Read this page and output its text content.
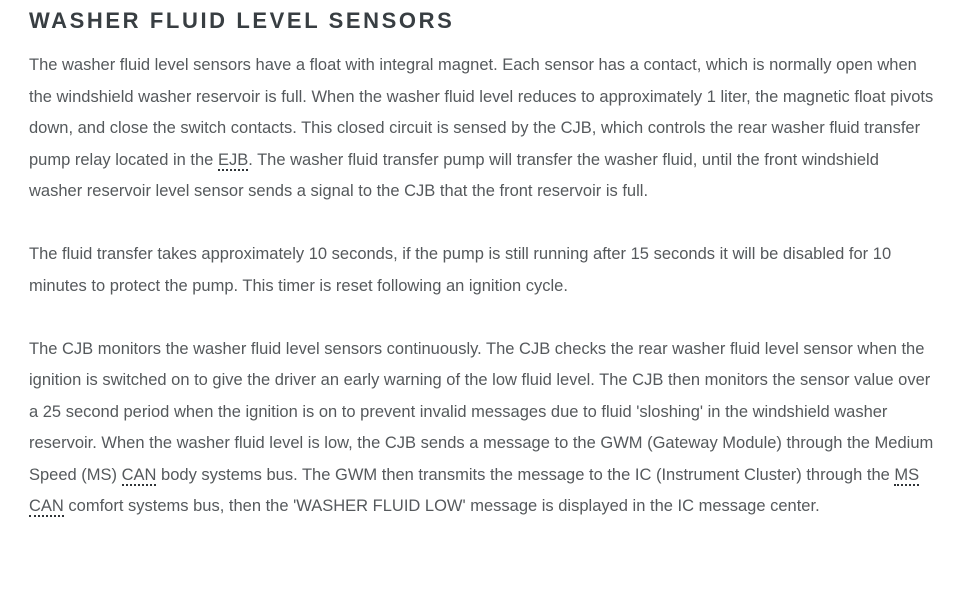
WASHER FLUID LEVEL SENSORS

The washer fluid level sensors have a float with integral magnet. Each sensor has a contact, which is normally open when the windshield washer reservoir is full. When the washer fluid level reduces to approximately 1 liter, the magnetic float pivots down, and close the switch contacts. This closed circuit is sensed by the CJB, which controls the rear washer fluid transfer pump relay located in the EJB. The washer fluid transfer pump will transfer the washer fluid, until the front windshield washer reservoir level sensor sends a signal to the CJB that the front reservoir is full.

The fluid transfer takes approximately 10 seconds, if the pump is still running after 15 seconds it will be disabled for 10 minutes to protect the pump. This timer is reset following an ignition cycle.

The CJB monitors the washer fluid level sensors continuously. The CJB checks the rear washer fluid level sensor when the ignition is switched on to give the driver an early warning of the low fluid level. The CJB then monitors the sensor value over a 25 second period when the ignition is on to prevent invalid messages due to fluid 'sloshing' in the windshield washer reservoir. When the washer fluid level is low, the CJB sends a message to the GWM (Gateway Module) through the Medium Speed (MS) CAN body systems bus. The GWM then transmits the message to the IC (Instrument Cluster) through the MS CAN comfort systems bus, then the 'WASHER FLUID LOW' message is displayed in the IC message center.
